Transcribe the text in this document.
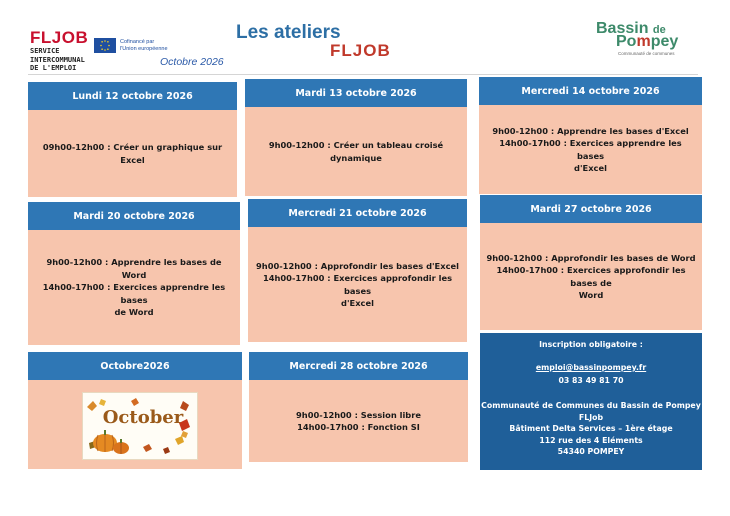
FLJOB
SERVICE
INTERCOMMUNAL
DE L'EMPLOI
Cofinancé par
l'Union européenne
Octobre 2026
Les ateliers
FLJOB
Bassin de
Pompey
Communauté de communes
Lundi 12 octobre 2026
09h00-12h00 : Créer un graphique sur Excel
Mardi 13 octobre 2026
9h00-12h00 : Créer un tableau croisé dynamique
Mercredi 14 octobre 2026
9h00-12h00 : Apprendre les bases d'Excel
14h00-17h00 : Exercices apprendre les bases
d'Excel
Mardi 20 octobre 2026
9h00-12h00 : Apprendre les bases de Word
14h00-17h00 : Exercices apprendre les bases
de Word
Mercredi 21 octobre 2026
9h00-12h00 : Approfondir les bases d'Excel
14h00-17h00 : Exercices approfondir les bases
d'Excel
Mardi 27 octobre 2026
9h00-12h00 : Approfondir les bases de Word
14h00-17h00 : Exercices approfondir les bases de
Word
Octobre2026
October
Mercredi 28 octobre 2026
9h00-12h00 : Session libre
14h00-17h00 : Fonction SI
Inscription obligatoire :
emploi@bassinpompey.fr
03 83 49 81 70
Communauté de Communes du Bassin de Pompey
FLJob
Bâtiment Delta Services – 1ère étage
112 rue des 4 Eléments
54340 POMPEY
